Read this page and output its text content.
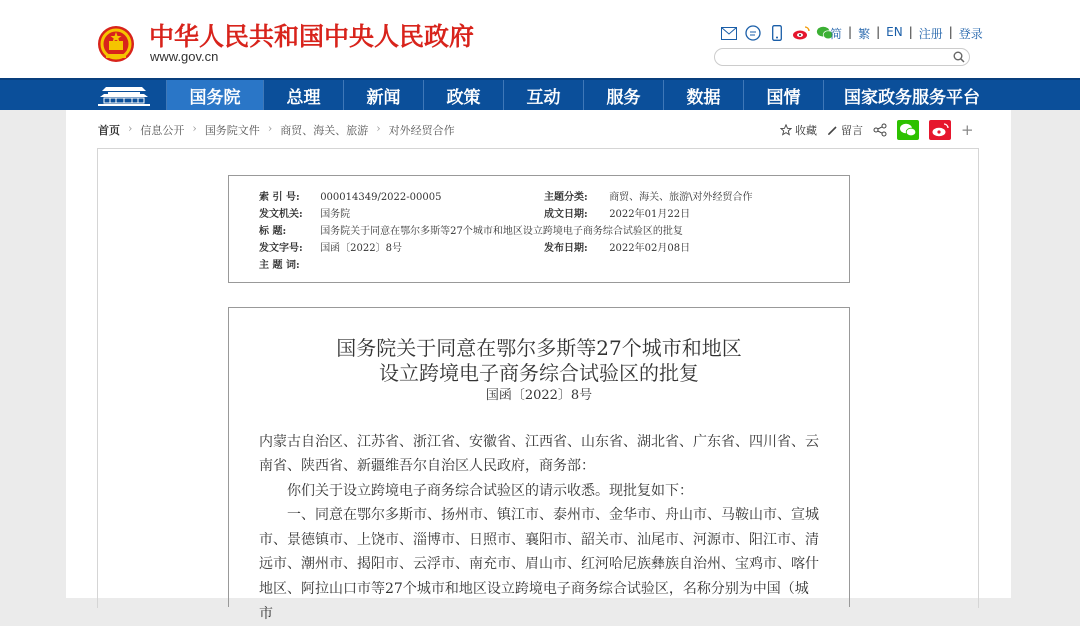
中华人民共和国中央人民政府
www.gov.cn
简 | 繁 | EN | 注册 | 登录
国务院	总理	新闻	政策	互动	服务	数据	国情	国家政务服务平台
首页 › 信息公开 › 国务院文件 › 商贸、海关、旅游 › 对外经贸合作	收藏 留言	+
索 引 号: 000014349/2022-00005	主题分类: 商贸、海关、旅游\对外经贸合作
发文机关: 国务院	成文日期: 2022年01月22日
标 题:	国务院关于同意在鄂尔多斯等27个城市和地区设立跨境电子商务综合试验区的批复
发文字号: 国函〔2022〕8号	发布日期: 2022年02月08日
主 题 词:
国务院关于同意在鄂尔多斯等27个城市和地区
设立跨境电子商务综合试验区的批复
国函〔2022〕8号
内蒙古自治区、江苏省、浙江省、安徽省、江西省、山东省、湖北省、广东省、四川省、云
南省、陕西省、新疆维吾尔自治区人民政府，商务部：
你们关于设立跨境电子商务综合试验区的请示收悉。现批复如下：
一、同意在鄂尔多斯市、扬州市、镇江市、泰州市、金华市、舟山市、马鞍山市、宣城
市、景德镇市、上饶市、淄博市、日照市、襄阳市、韶关市、汕尾市、河源市、阳江市、清
远市、潮州市、揭阳市、云浮市、南充市、眉山市、红河哈尼族彝族自治州、宝鸡市、喀什
地区、阿拉山口市等27个城市和地区设立跨境电子商务综合试验区，名称分别为中国（城市
